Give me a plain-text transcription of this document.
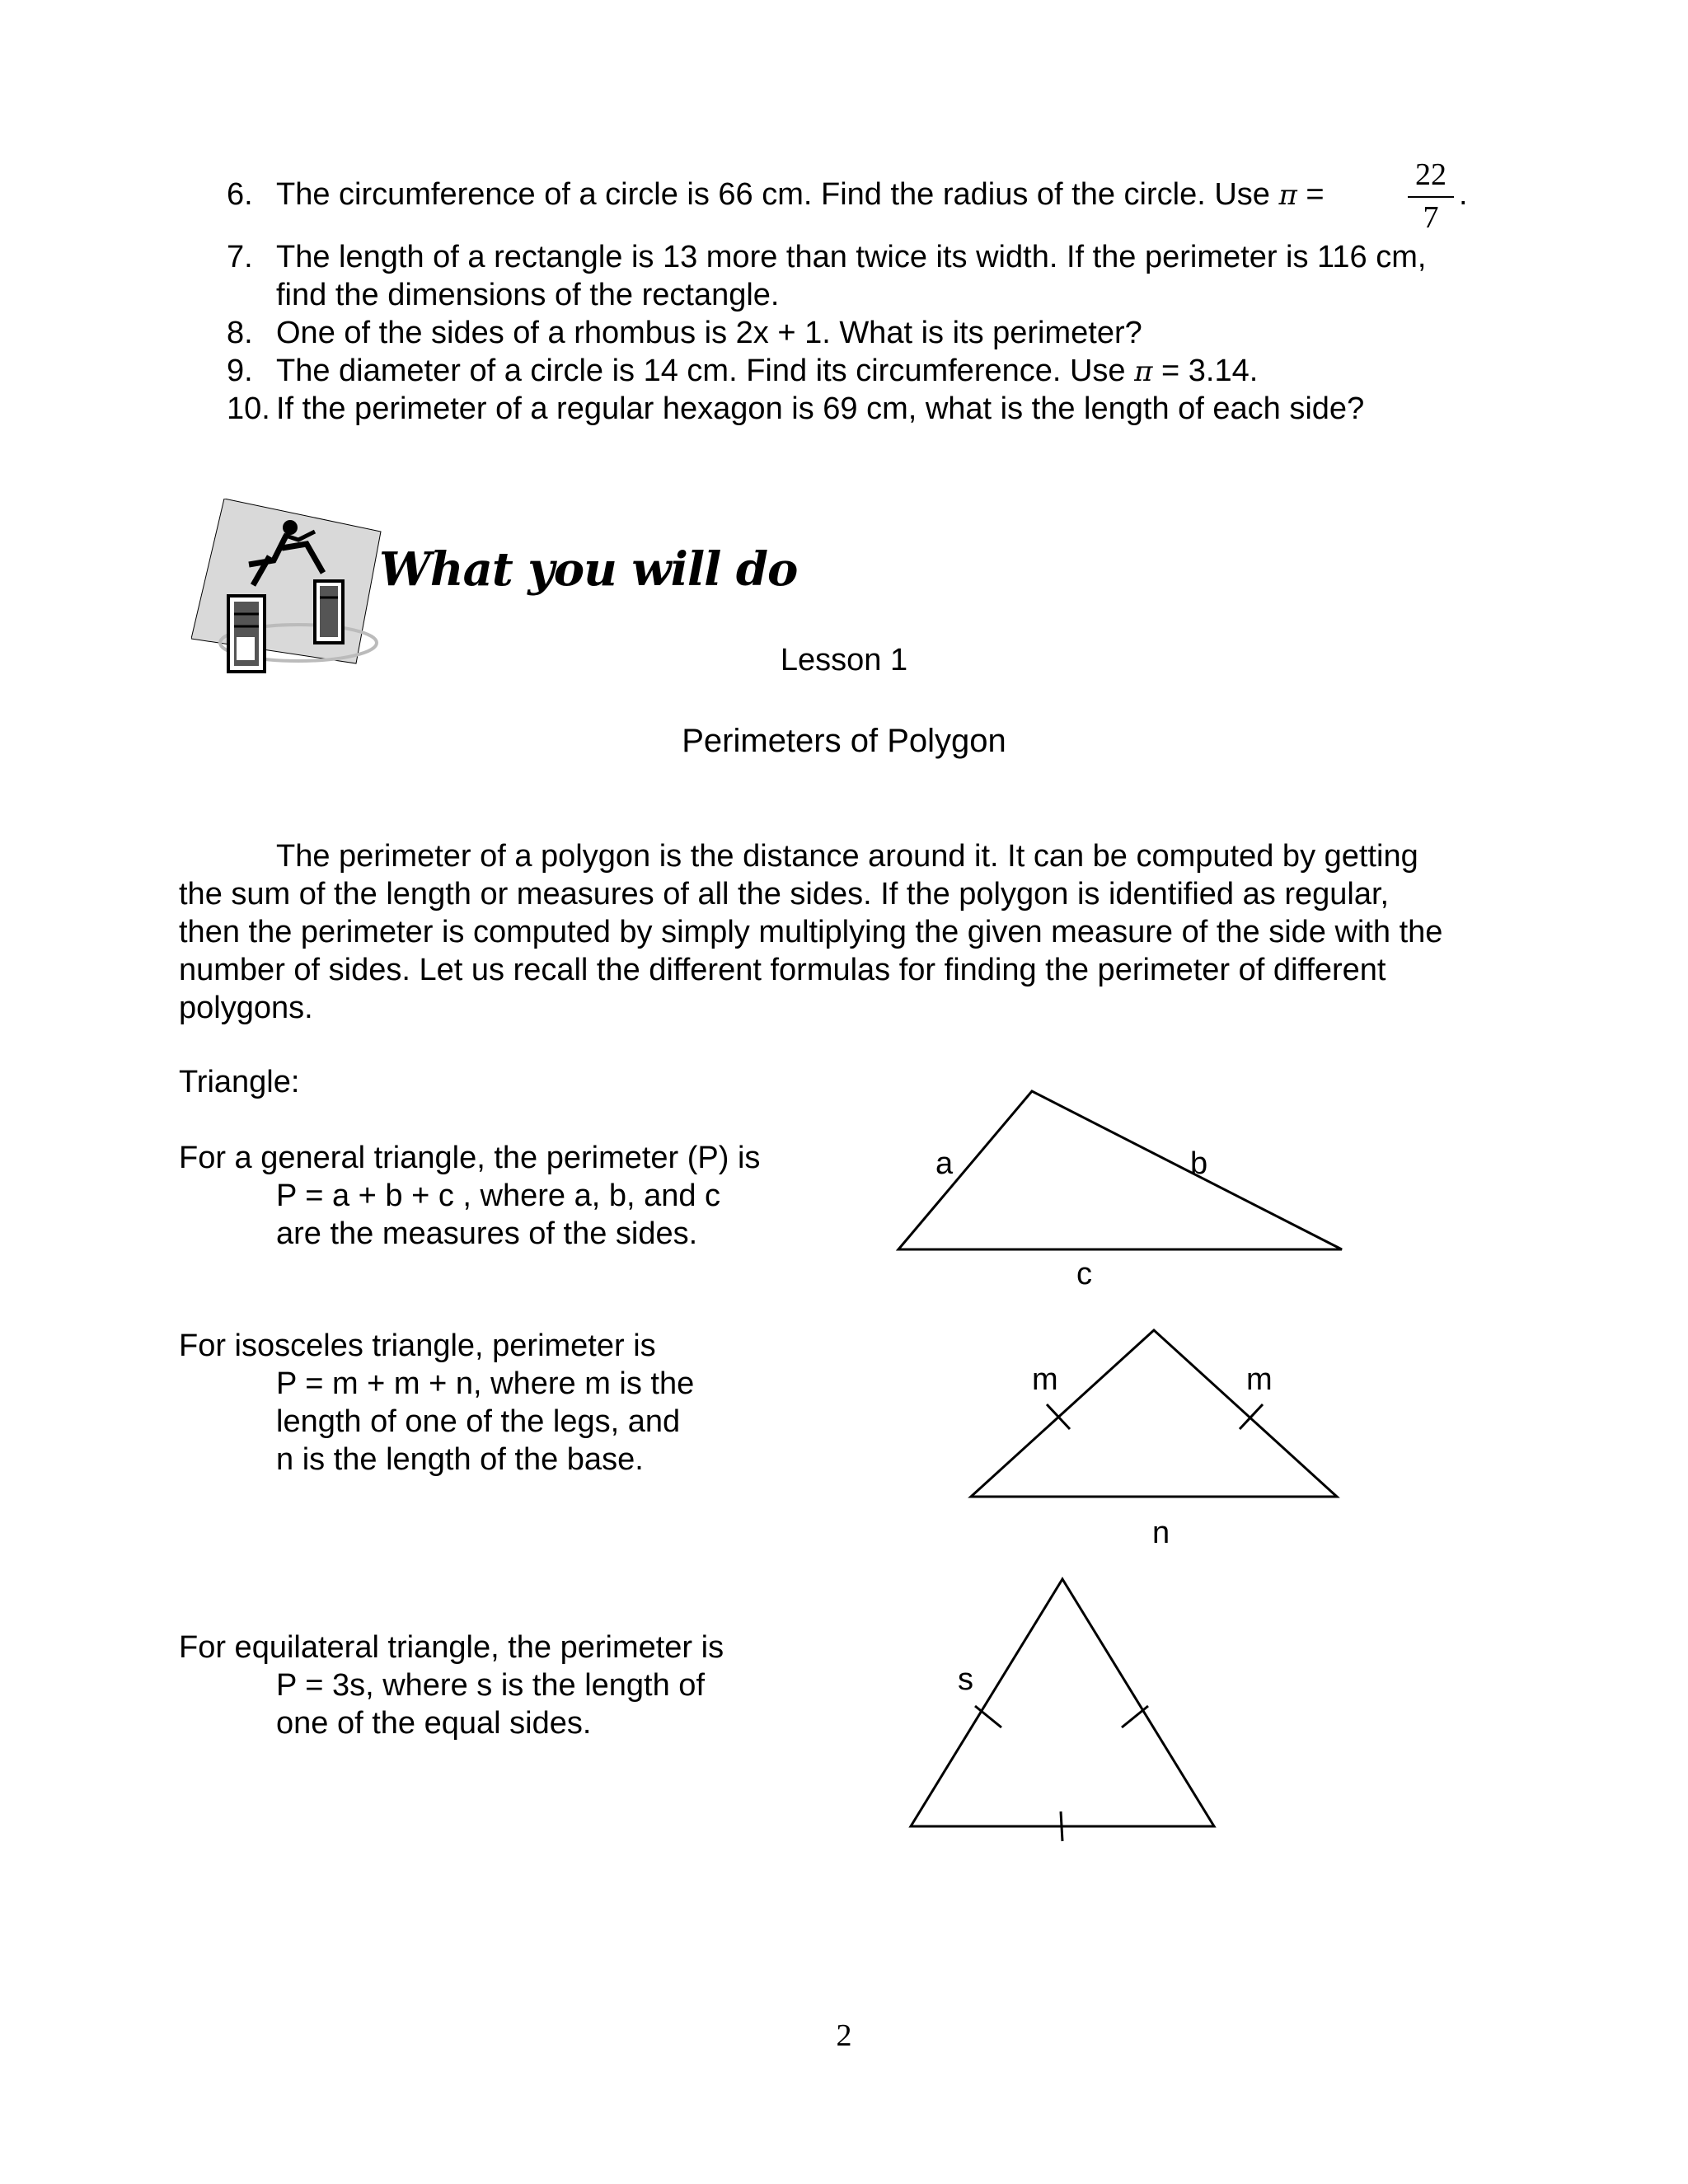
6. The circumference of a circle is 66 cm. Find the radius of the circle. Use π =
22
7
.
7. The length of a rectangle is 13 more than twice its width. If the perimeter is 116 cm,
find the dimensions of the rectangle.
8. One of the sides of a rhombus is 2x + 1. What is its perimeter?
9. The diameter of a circle is 14 cm. Find its circumference. Use π = 3.14.
10. If the perimeter of a regular hexagon is 69 cm, what is the length of each side?
What you will do
Lesson 1
Perimeters of Polygon
The perimeter of a polygon is the distance around it. It can be computed by getting
the sum of the length or measures of all the sides. If the polygon is identified as regular,
then the perimeter is computed by simply multiplying the given measure of the side with the
number of sides. Let us recall the different formulas for finding the perimeter of different
polygons.
Triangle:
For a general triangle, the perimeter (P) is
P = a + b + c , where a, b, and c
are the measures of the sides.
a	b
c
For isosceles triangle, perimeter is
P = m + m + n, where m is the
length of one of the legs, and
n is the length of the base.
m	m
n
For equilateral triangle, the perimeter is
P = 3s, where s is the length of
one of the equal sides.
s
2
